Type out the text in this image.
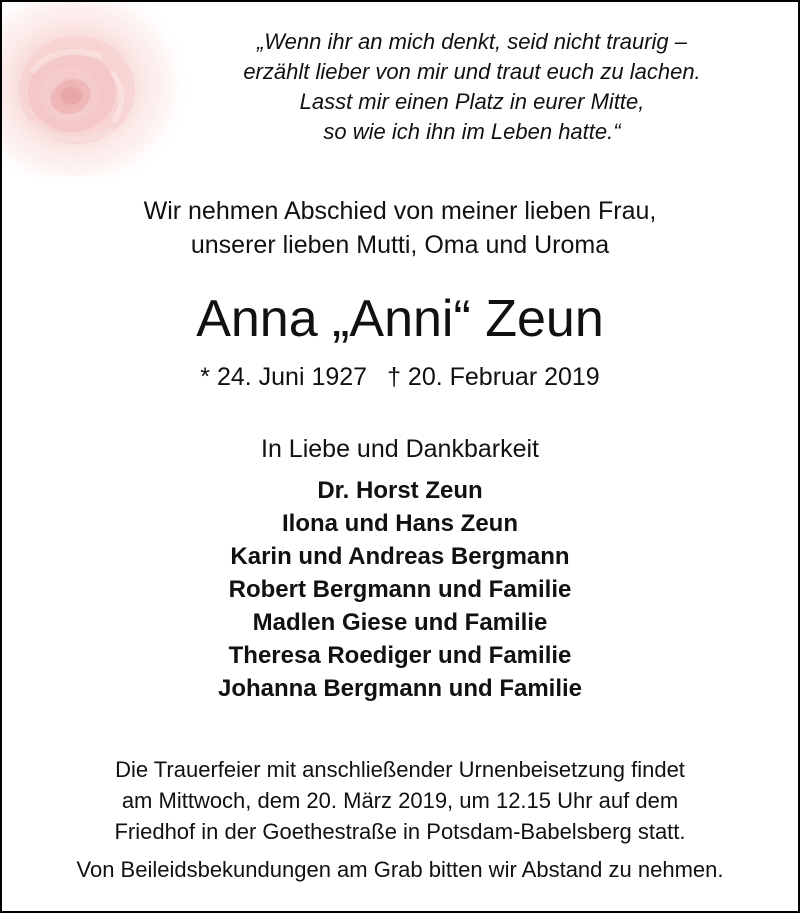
„Wenn ihr an mich denkt, seid nicht traurig –
erzählt lieber von mir und traut euch zu lachen.
Lasst mir einen Platz in eurer Mitte,
so wie ich ihn im Leben hatte.“
Wir nehmen Abschied von meiner lieben Frau,
unserer lieben Mutti, Oma und Uroma
Anna „Anni“ Zeun
* 24. Juni 1927 † 20. Februar 2019
In Liebe und Dankbarkeit
Dr. Horst Zeun
Ilona und Hans Zeun
Karin und Andreas Bergmann
Robert Bergmann und Familie
Madlen Giese und Familie
Theresa Roediger und Familie
Johanna Bergmann und Familie
Die Trauerfeier mit anschließender Urnenbeisetzung findet
am Mittwoch, dem 20. März 2019, um 12.15 Uhr auf dem
Friedhof in der Goethestraße in Potsdam-Babelsberg statt.
Von Beileidsbekundungen am Grab bitten wir Abstand zu nehmen.
